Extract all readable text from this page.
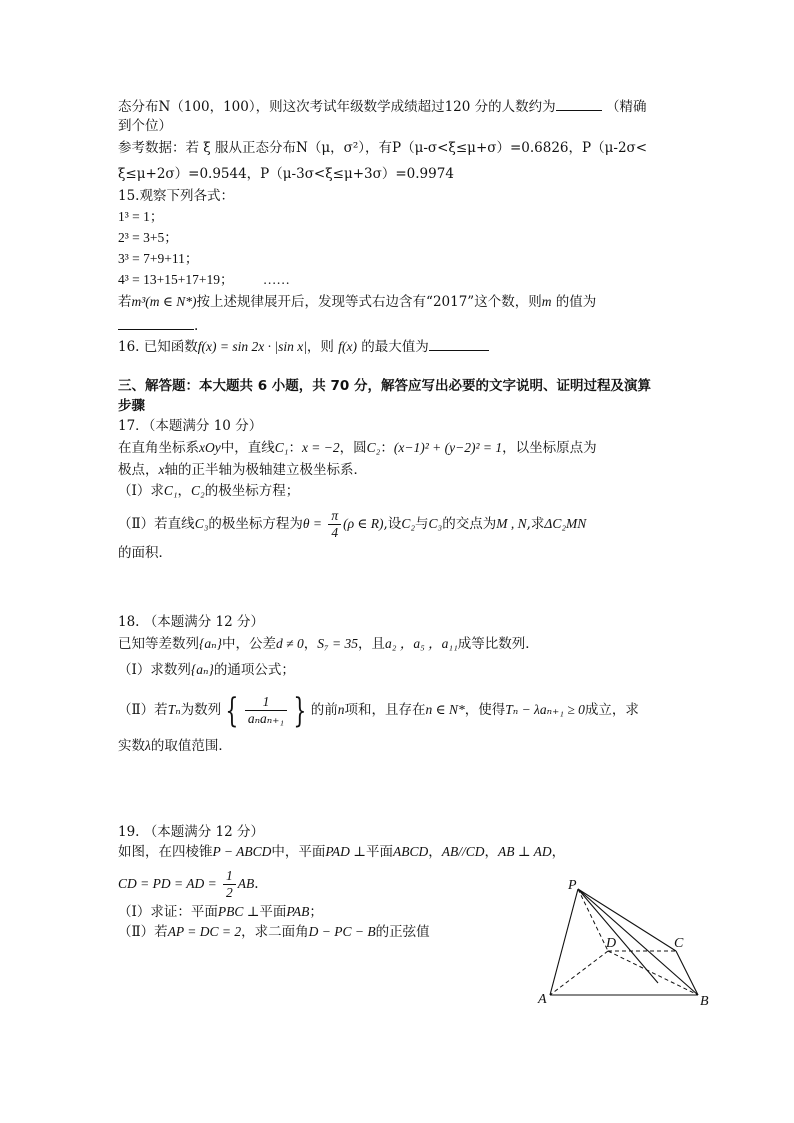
态分布N（100，100），则这次考试年级数学成绩超过120 分的人数约为	（精确
到个位）
参考数据：若 ξ 服从正态分布N（μ，σ²），有P（μ-σ<ξ≤μ+σ）=0.6826，P（μ-2σ<
ξ≤μ+2σ）=0.9544，P（μ-3σ<ξ≤μ+3σ）=0.9974
15.观察下列各式：
1³ = 1；
2³ = 3+5；
3³ = 7+9+11；
4³ = 13+15+17+19； ……
若m³(m ∈ N*)按上述规律展开后，发现等式右边含有“2017”这个数，则m 的值为
.
16. 已知函数f(x) = sin 2x · |sin x|，则 f(x) 的最大值为
三、解答题：本大题共 6 小题，共 70 分，解答应写出必要的文字说明、证明过程及演算
步骤
17．（本题满分 10 分）
在直角坐标系xOy中，直线C₁：x = −2，圆C₂：(x−1)² + (y−2)² = 1，以坐标原点为
极点，x轴的正半轴为极轴建立极坐标系．
（Ⅰ）求C₁，C₂的极坐标方程；
（Ⅱ）若直线C₃的极坐标方程为$\theta = \frac{\pi}{4} (\rho$ ∈ R),设C₂与C₃的交点为M , N,求ΔC₂MN
的面积．
18. （本题满分 12 分）
已知等差数列{aₙ}中，公差d ≠ 0，S₇ = 35，且a₂ ，a₅ ，a₁₁成等比数列．
（Ⅰ）求数列{aₙ}的通项公式；
（Ⅱ）若Tₙ为数列 { $\frac{1}{\text{aₙaₙ₊₁}}$ } 的前n项和，且存在n ∈ N*，使得Tₙ − λaₙ₊₁ ≥ 0成立，求
实数λ的取值范围．
19. （本题满分 12 分）
如图，在四棱锥P − ABCD中，平面PAD ⊥平面ABCD，AB//CD，AB ⊥ AD，
CD = PD = AD = $\frac{1}{2}$ AB.
（Ⅰ）求证：平面PBC ⊥平面PAB；
（Ⅱ）若AP = DC = 2，求二面角D − PC − B的正弦值
P
A	B
C
D
